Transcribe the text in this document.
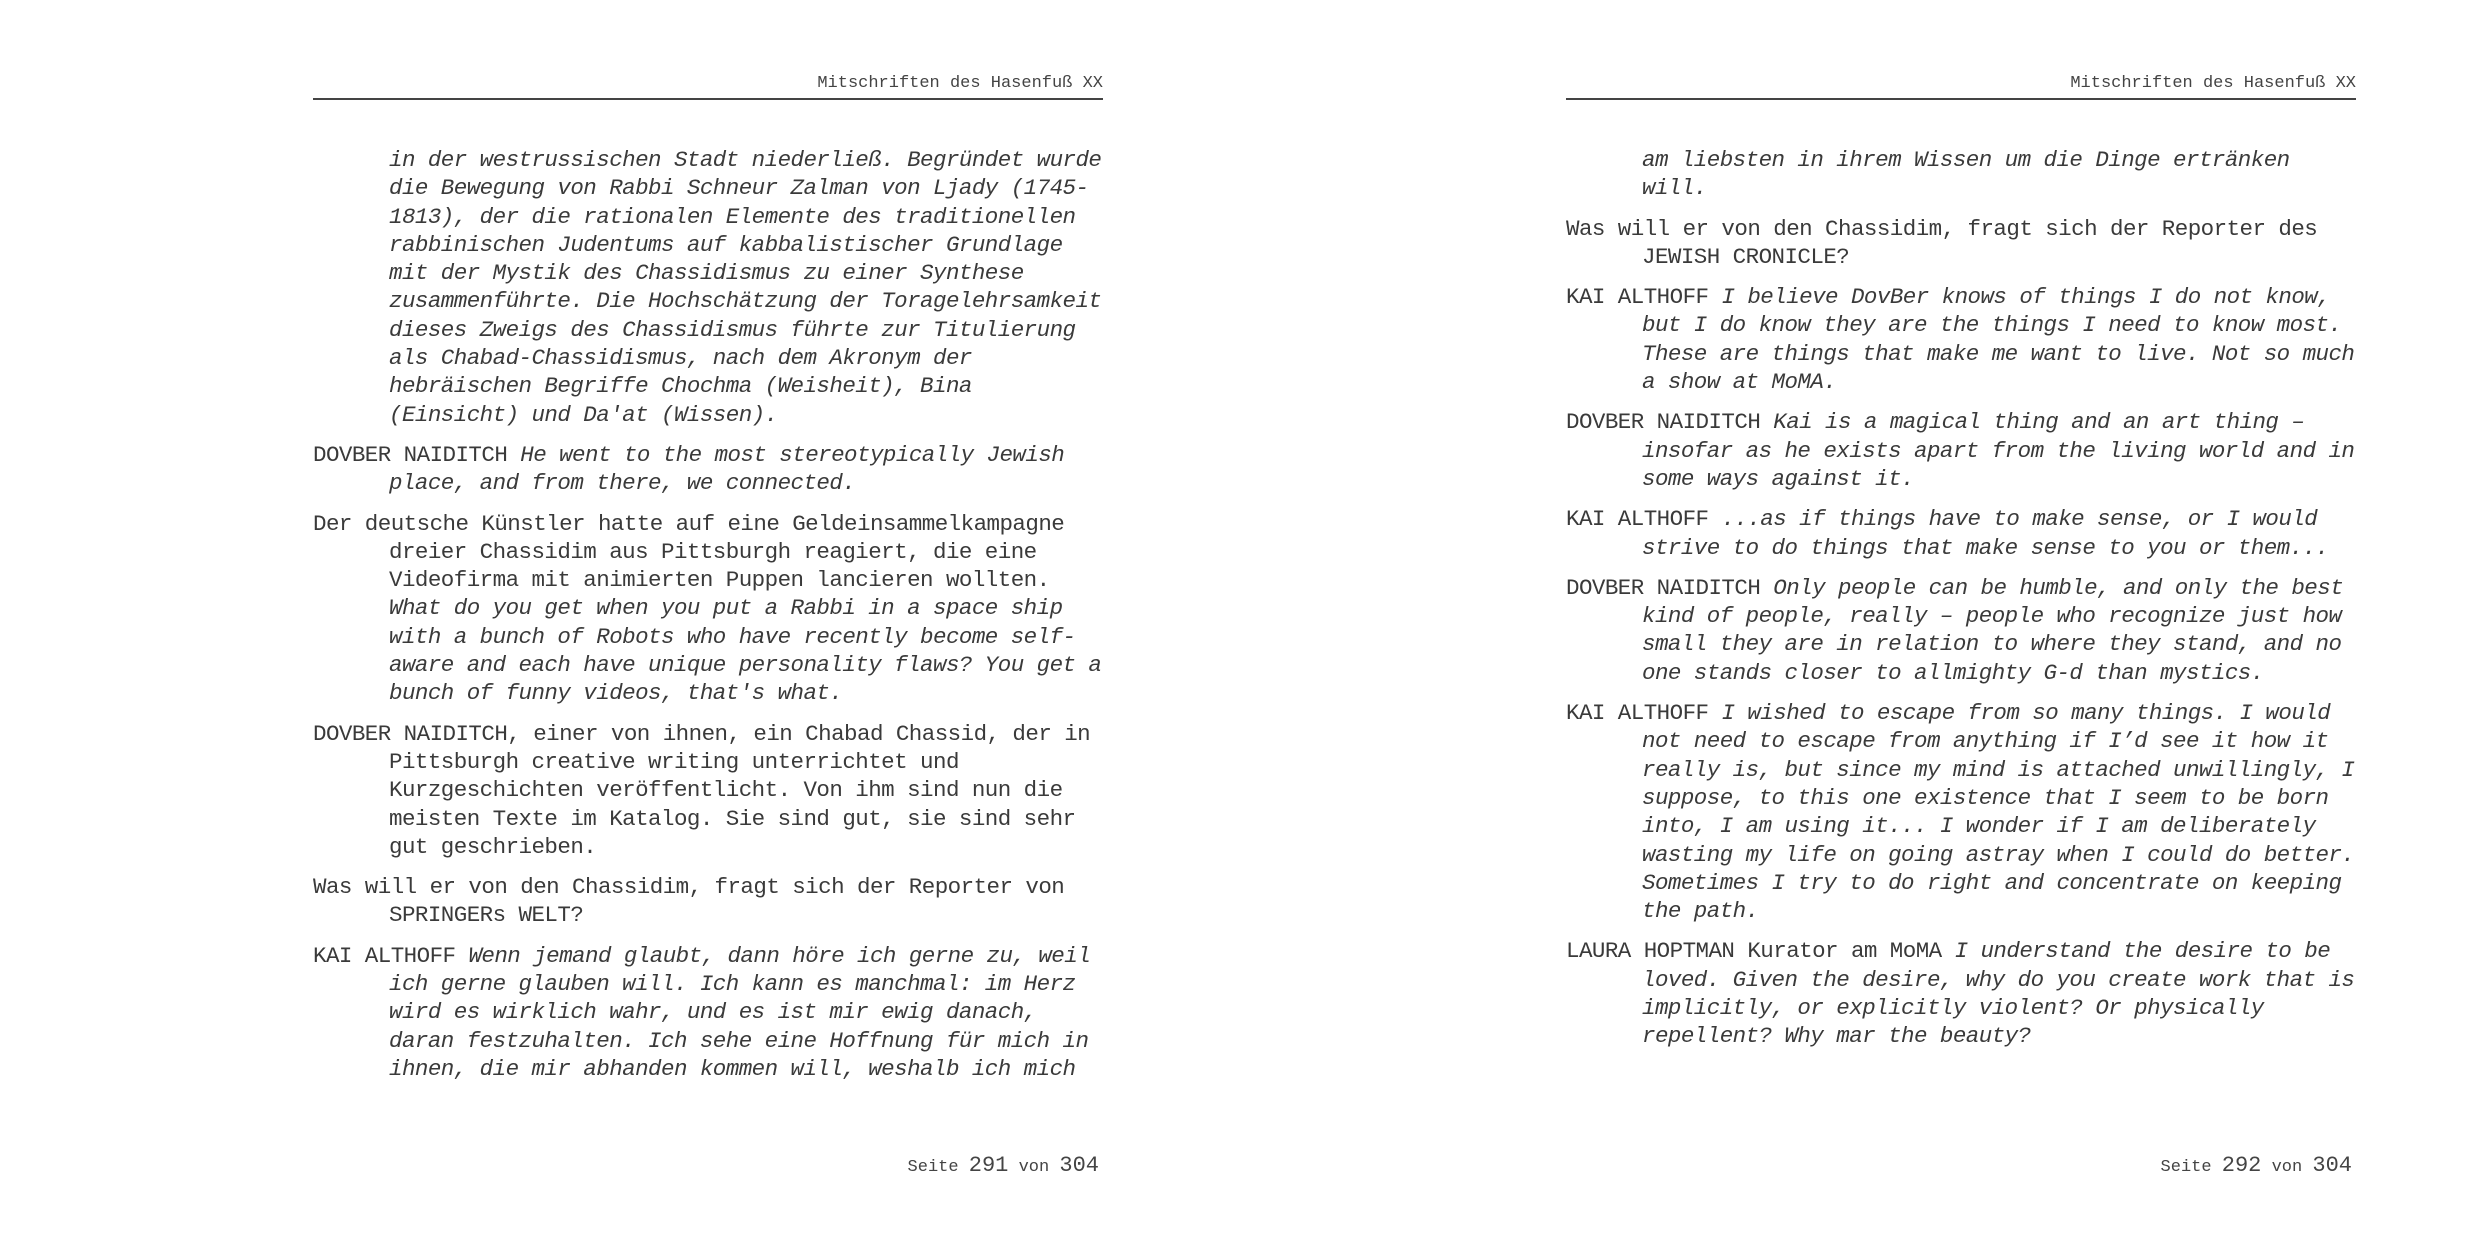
Mitschriften des Hasenfuß XX

in der westrussischen Stadt niederließ. Begründet wurde die Bewegung von Rabbi Schneur Zalman von Ljady (1745-1813), der die rationalen Elemente des traditionellen rabbinischen Judentums auf kabbalistischer Grundlage mit der Mystik des Chassidismus zu einer Synthese zusammenführte. Die Hochschätzung der Toragelehrsamkeit dieses Zweigs des Chassidismus führte zur Titulierung als Chabad-Chassidismus, nach dem Akronym der hebräischen Begriffe Chochma (Weisheit), Bina (Einsicht) und Da'at (Wissen).

DOVBER NAIDITCH He went to the most stereotypically Jewish place, and from there, we connected.

Der deutsche Künstler hatte auf eine Geldeinsammelkampagne dreier Chassidim aus Pittsburgh reagiert, die eine Videofirma mit animierten Puppen lancieren wollten. What do you get when you put a Rabbi in a space ship with a bunch of Robots who have recently become self-aware and each have unique personality flaws? You get a bunch of funny videos, that's what.

DOVBER NAIDITCH, einer von ihnen, ein Chabad Chassid, der in Pittsburgh creative writing unterrichtet und Kurzgeschichten veröffentlicht. Von ihm sind nun die meisten Texte im Katalog. Sie sind gut, sie sind sehr gut geschrieben.

Was will er von den Chassidim, fragt sich der Reporter von SPRINGERs WELT?

KAI ALTHOFF Wenn jemand glaubt, dann höre ich gerne zu, weil ich gerne glauben will. Ich kann es manchmal: im Herz wird es wirklich wahr, und es ist mir ewig danach, daran festzuhalten. Ich sehe eine Hoffnung für mich in ihnen, die mir abhanden kommen will, weshalb ich mich

Seite 291 von 304
Mitschriften des Hasenfuß XX

am liebsten in ihrem Wissen um die Dinge ertränken will.

Was will er von den Chassidim, fragt sich der Reporter des JEWISH CRONICLE?

KAI ALTHOFF I believe DovBer knows of things I do not know, but I do know they are the things I need to know most. These are things that make me want to live. Not so much a show at MoMA.

DOVBER NAIDITCH Kai is a magical thing and an art thing – insofar as he exists apart from the living world and in some ways against it.

KAI ALTHOFF ...as if things have to make sense, or I would strive to do things that make sense to you or them...

DOVBER NAIDITCH Only people can be humble, and only the best kind of people, really – people who recognize just how small they are in relation to where they stand, and no one stands closer to allmighty G-d than mystics.

KAI ALTHOFF I wished to escape from so many things. I would not need to escape from anything if I’d see it how it really is, but since my mind is attached unwillingly, I suppose, to this one existence that I seem to be born into, I am using it... I wonder if I am deliberately wasting my life on going astray when I could do better. Sometimes I try to do right and concentrate on keeping the path.

LAURA HOPTMAN Kurator am MoMA I understand the desire to be loved. Given the desire, why do you create work that is implicitly, or explicitly violent? Or physically repellent? Why mar the beauty?

Seite 292 von 304
